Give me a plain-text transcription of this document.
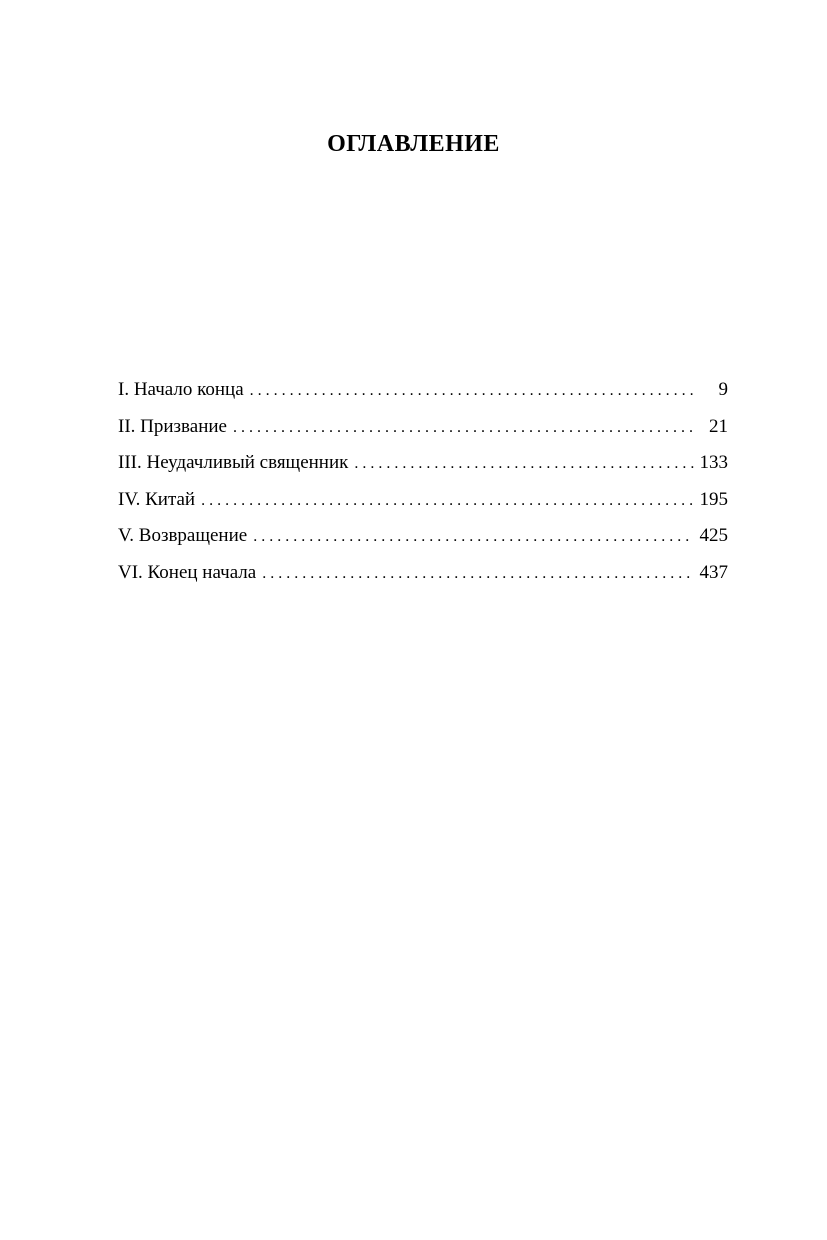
ОГЛАВЛЕНИЕ
I. Начало конца . . .	9
II. Призвание . . .	21
III. Неудачливый священник . . .	133
IV. Китай . . .	195
V. Возвращение . . .	425
VI. Конец начала . . .	437
